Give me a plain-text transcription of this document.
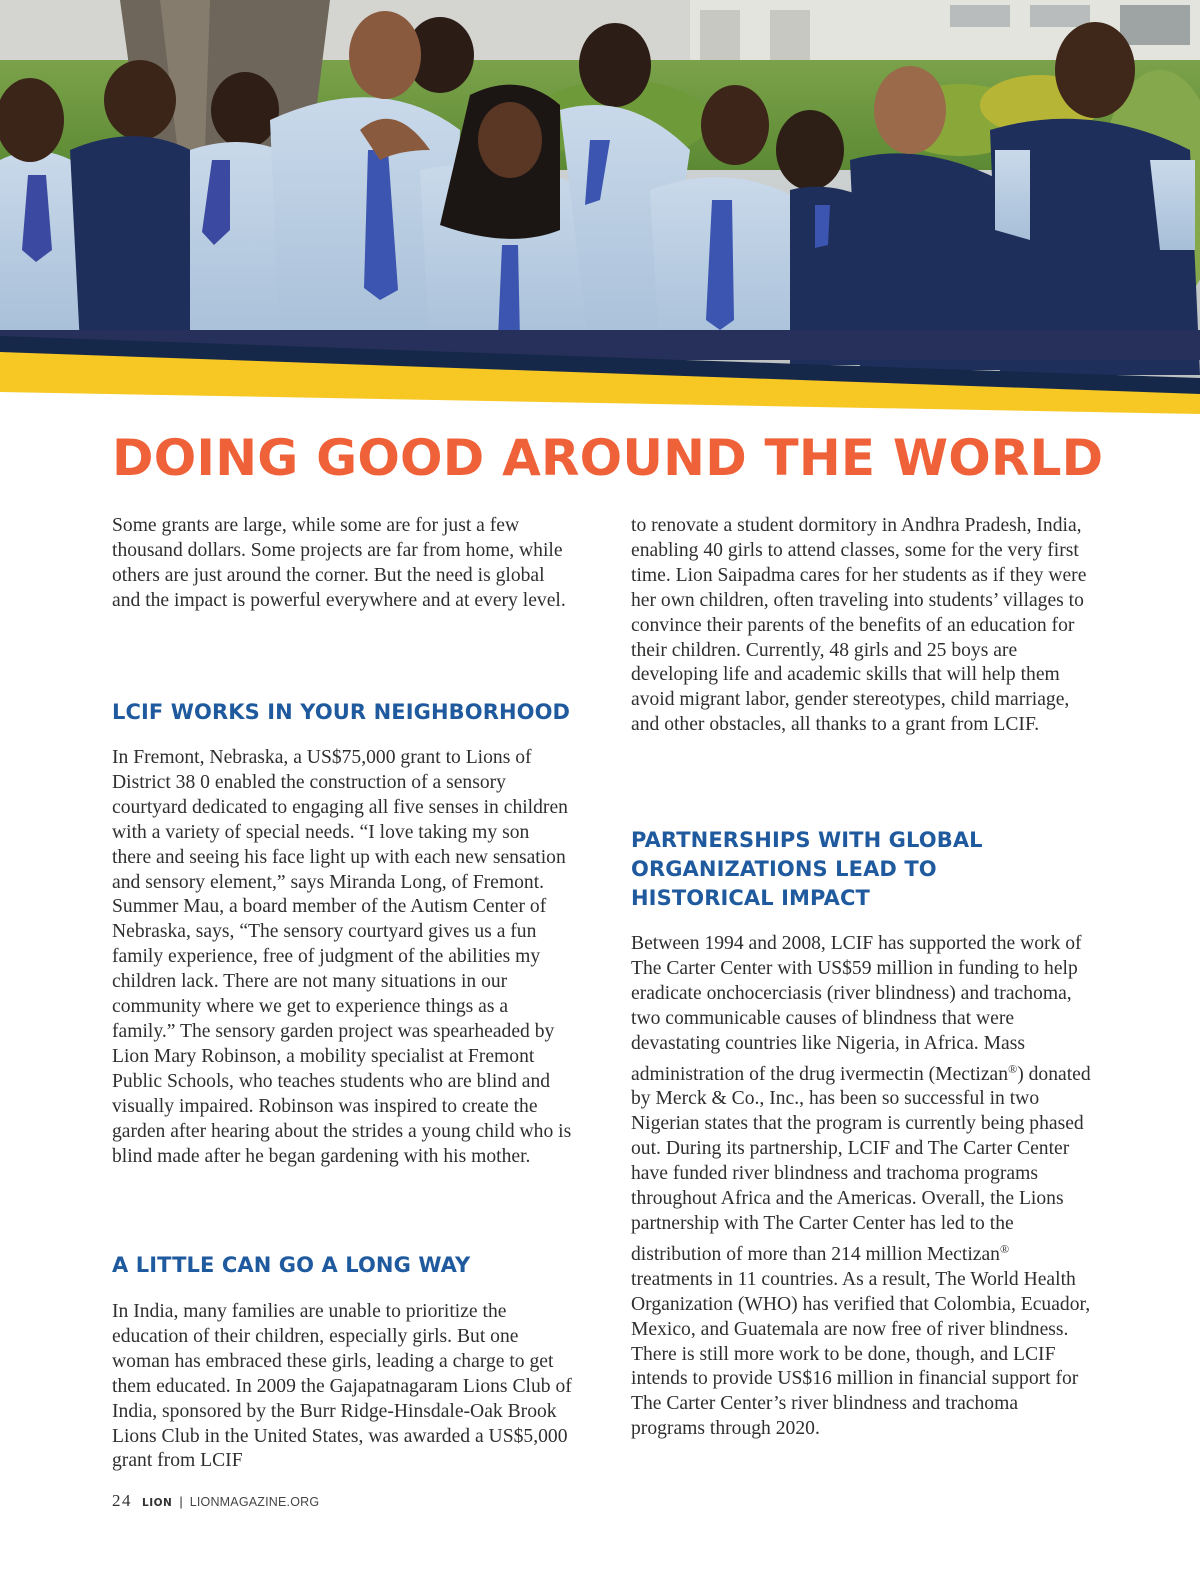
DOING GOOD AROUND THE WORLD

Some grants are large, while some are for just a few thousand dollars. Some projects are far from home, while others are just around the corner. But the need is global and the impact is powerful everywhere and at every level.

LCIF WORKS IN YOUR NEIGHBORHOOD

In Fremont, Nebraska, a US$75,000 grant to Lions of District 38 0 enabled the construction of a sensory courtyard dedicated to engaging all five senses in children with a variety of special needs. “I love taking my son there and seeing his face light up with each new sensation and sensory element,” says Miranda Long, of Fremont. Summer Mau, a board member of the Autism Center of Nebraska, says, “The sensory courtyard gives us a fun family experience, free of judgment of the abilities my children lack. There are not many situations in our community where we get to experience things as a family.” The sensory garden project was spearheaded by Lion Mary Robinson, a mobility specialist at Fremont Public Schools, who teaches students who are blind and visually impaired. Robinson was inspired to create the garden after hearing about the strides a young child who is blind made after he began gardening with his mother.

A LITTLE CAN GO A LONG WAY

In India, many families are unable to prioritize the education of their children, especially girls. But one woman has embraced these girls, leading a charge to get them educated. In 2009 the Gajapatnagaram Lions Club of India, sponsored by the Burr Ridge-Hinsdale-Oak Brook Lions Club in the United States, was awarded a US$5,000 grant from LCIF

to renovate a student dormitory in Andhra Pradesh, India, enabling 40 girls to attend classes, some for the very first time. Lion Saipadma cares for her students as if they were her own children, often traveling into students’ villages to convince their parents of the benefits of an education for their children. Currently, 48 girls and 25 boys are developing life and academic skills that will help them avoid migrant labor, gender stereotypes, child marriage, and other obstacles, all thanks to a grant from LCIF.

PARTNERSHIPS WITH GLOBAL
ORGANIZATIONS LEAD TO
HISTORICAL IMPACT

Between 1994 and 2008, LCIF has supported the work of The Carter Center with US$59 million in funding to help eradicate onchocerciasis (river blindness) and trachoma, two communicable causes of blindness that were devastating countries like Nigeria, in Africa. Mass administration of the drug ivermectin (Mectizan®) donated by Merck & Co., Inc., has been so successful in two Nigerian states that the program is currently being phased out. During its partnership, LCIF and The Carter Center have funded river blindness and trachoma programs throughout Africa and the Americas. Overall, the Lions partnership with The Carter Center has led to the distribution of more than 214 million Mectizan® treatments in 11 countries. As a result, The World Health Organization (WHO) has verified that Colombia, Ecuador, Mexico, and Guatemala are now free of river blindness. There is still more work to be done, though, and LCIF intends to provide US$16 million in financial support for The Carter Center’s river blindness and trachoma programs through 2020.

24 LION | LIONMAGAZINE.ORG
